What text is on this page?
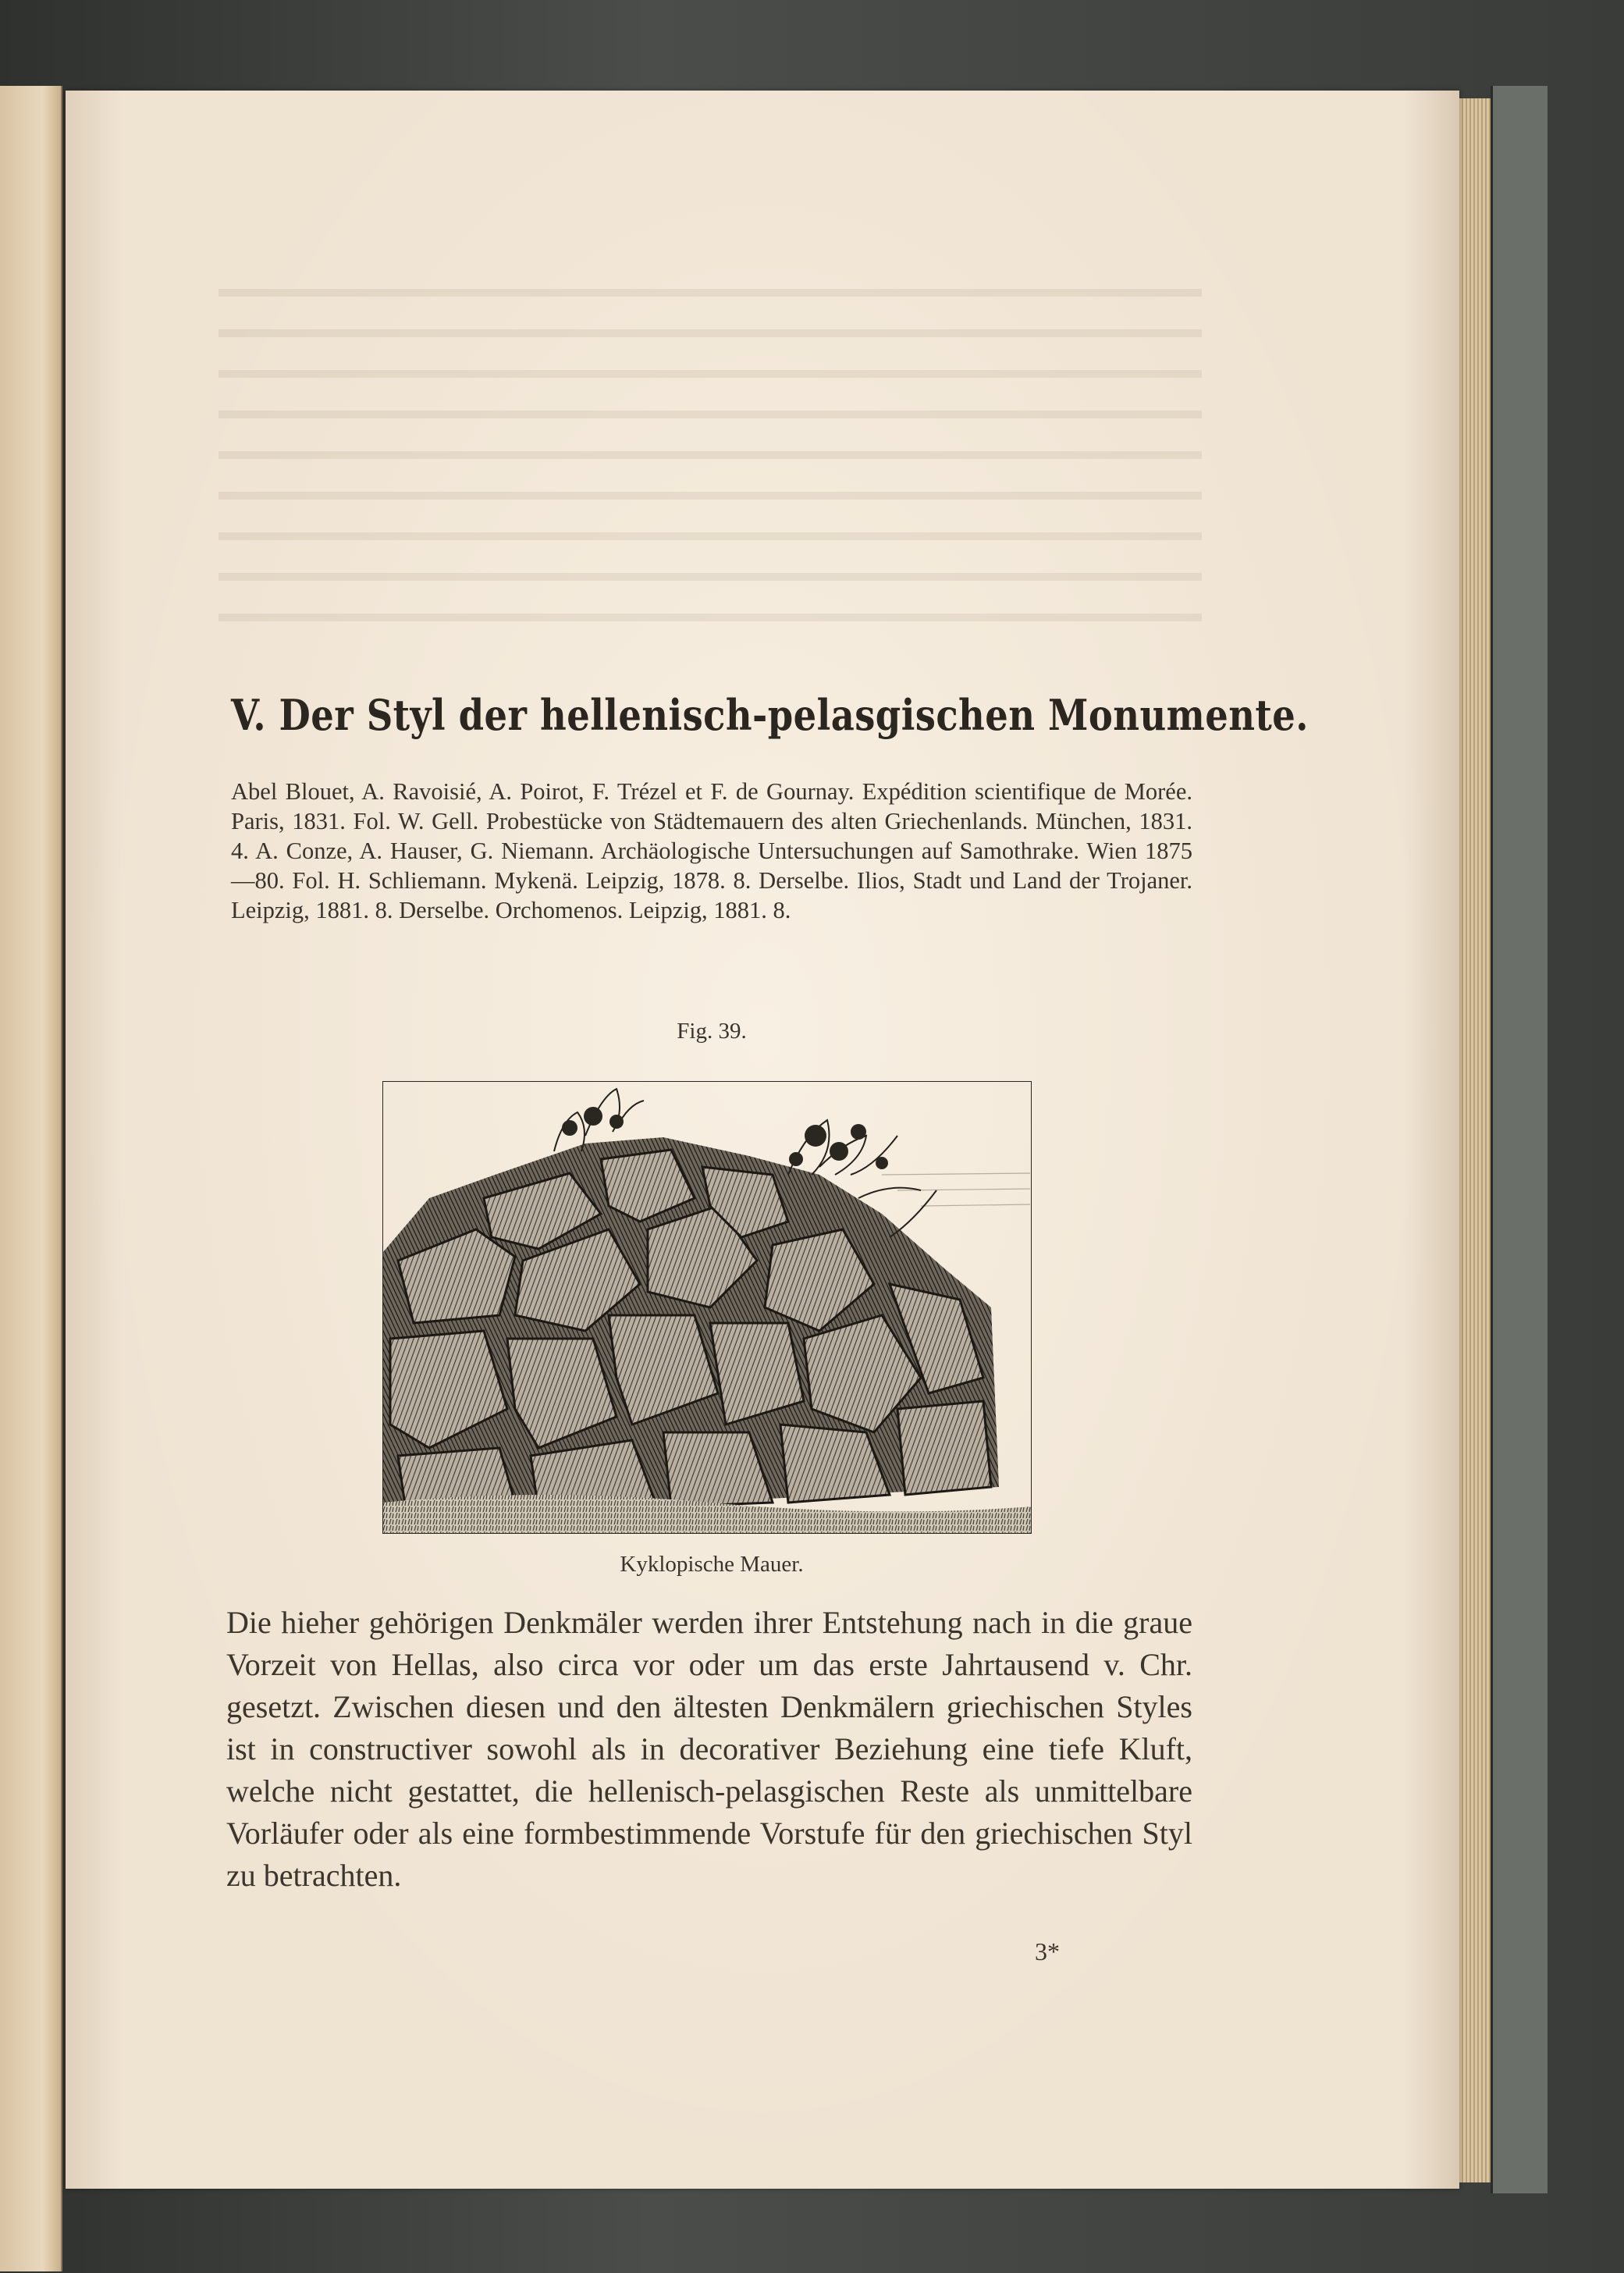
V. Der Styl der hellenisch-pelasgischen Monumente.

Abel Blouet, A. Ravoisié, A. Poirot, F. Trézel et F. de Gournay. Expédition scientifique de Morée. Paris, 1831. Fol. W. Gell. Probestücke von Städtemauern des alten Griechenlands. München, 1831. 4. A. Conze, A. Hauser, G. Niemann. Archäologische Untersuchungen auf Samothrake. Wien 1875—80. Fol. H. Schliemann. Mykenä. Leipzig, 1878. 8. Derselbe. Ilios, Stadt und Land der Trojaner. Leipzig, 1881. 8. Derselbe. Orchomenos. Leipzig, 1881. 8.

Fig. 39.
Kyklopische Mauer.

Die hieher gehörigen Denkmäler werden ihrer Entstehung nach in die graue Vorzeit von Hellas, also circa vor oder um das erste Jahrtausend v. Chr. gesetzt. Zwischen diesen und den ältesten Denkmälern griechischen Styles ist in constructiver sowohl als in decorativer Beziehung eine tiefe Kluft, welche nicht gestattet, die hellenisch-pelasgischen Reste als unmittelbare Vorläufer oder als eine formbestimmende Vorstufe für den griechischen Styl zu betrachten.

3*
